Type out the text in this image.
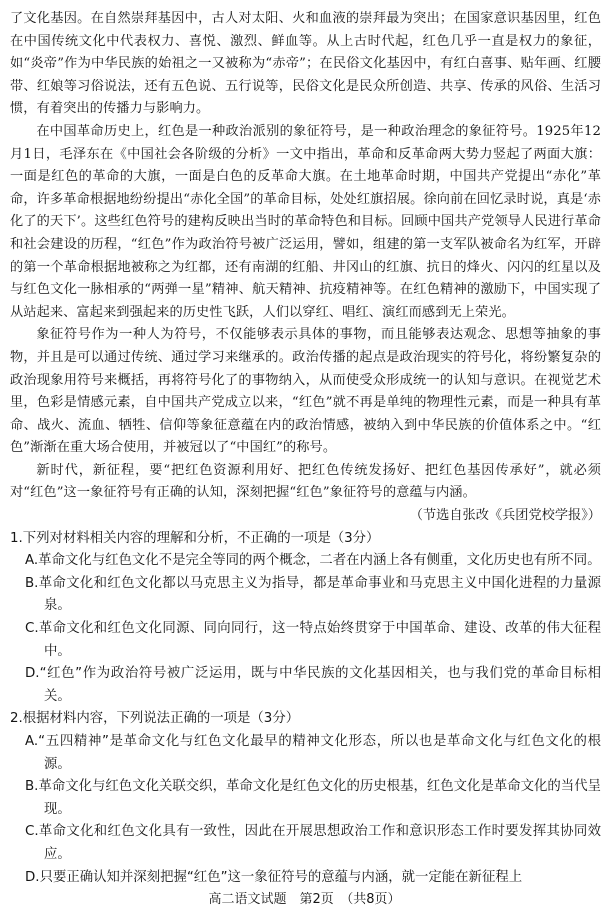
了文化基因。在自然崇拜基因中，古人对太阳、火和血液的崇拜最为突出；在国家意识基因里，红色在中国传统文化中代表权力、喜悦、激烈、鲜血等。从上古时代起，红色几乎一直是权力的象征，如“炎帝”作为中华民族的始祖之一又被称为“赤帝”；在民俗文化基因中，有红白喜事、贴年画、红腰带、红娘等习俗说法，还有五色说、五行说等，民俗文化是民众所创造、共享、传承的风俗、生活习惯，有着突出的传播力与影响力。

在中国革命历史上，红色是一种政治派别的象征符号，是一种政治理念的象征符号。1925年12月1日，毛泽东在《中国社会各阶级的分析》一文中指出，革命和反革命两大势力竖起了两面大旗：一面是红色的革命的大旗，一面是白色的反革命大旗。在土地革命时期，中国共产党提出“赤化”革命，许多革命根据地纷纷提出“赤化全国”的革命目标，处处红旗招展。徐向前在回忆录时说，真是‘赤化了的天下’。这些红色符号的建构反映出当时的革命特色和目标。回顾中国共产党领导人民进行革命和社会建设的历程，“红色”作为政治符号被广泛运用，譬如，组建的第一支军队被命名为红军，开辟的第一个革命根据地被称之为红都，还有南湖的红船、井冈山的红旗、抗日的烽火、闪闪的红星以及与红色文化一脉相承的“两弹一星”精神、航天精神、抗疫精神等。在红色精神的激励下，中国实现了从站起来、富起来到强起来的历史性飞跃，人们以穿红、唱红、演红而感到无上荣光。

象征符号作为一种人为符号，不仅能够表示具体的事物，而且能够表达观念、思想等抽象的事物，并且是可以通过传统、通过学习来继承的。政治传播的起点是政治现实的符号化，将纷繁复杂的政治现象用符号来概括，再将符号化了的事物纳入，从而使受众形成统一的认知与意识。在视觉艺术里，色彩是情感元素，自中国共产党成立以来，“红色”就不再是单纯的物理性元素，而是一种具有革命、战火、流血、牺牲、信仰等象征意蕴在内的政治情感，被纳入到中华民族的价值体系之中。“红色”渐渐在重大场合使用，并被冠以了“中国红”的称号。

新时代，新征程，要“把红色资源利用好、把红色传统发扬好、把红色基因传承好”，就必须对“红色”这一象征符号有正确的认知，深刻把握“红色”象征符号的意蕴与内涵。

（节选自张改《兵团党校学报》）

1.下列对材料相关内容的理解和分析，不正确的一项是（3分）

A.革命文化与红色文化不是完全等同的两个概念，二者在内涵上各有侧重，文化历史也有所不同。

B.革命文化和红色文化都以马克思主义为指导，都是革命事业和马克思主义中国化进程的力量源泉。

C.革命文化和红色文化同源、同向同行，这一特点始终贯穿于中国革命、建设、改革的伟大征程中。

D.“红色”作为政治符号被广泛运用，既与中华民族的文化基因相关，也与我们党的革命目标相关。

2.根据材料内容，下列说法正确的一项是（3分）

A.“五四精神”是革命文化与红色文化最早的精神文化形态，所以也是革命文化与红色文化的根源。

B.革命文化与红色文化关联交织，革命文化是红色文化的历史根基，红色文化是革命文化的当代呈现。

C.革命文化和红色文化具有一致性，因此在开展思想政治工作和意识形态工作时要发挥其协同效应。

D.只要正确认知并深刻把握“红色”这一象征符号的意蕴与内涵，就一定能在新征程上

高二语文试题　第2页　（共8页）
